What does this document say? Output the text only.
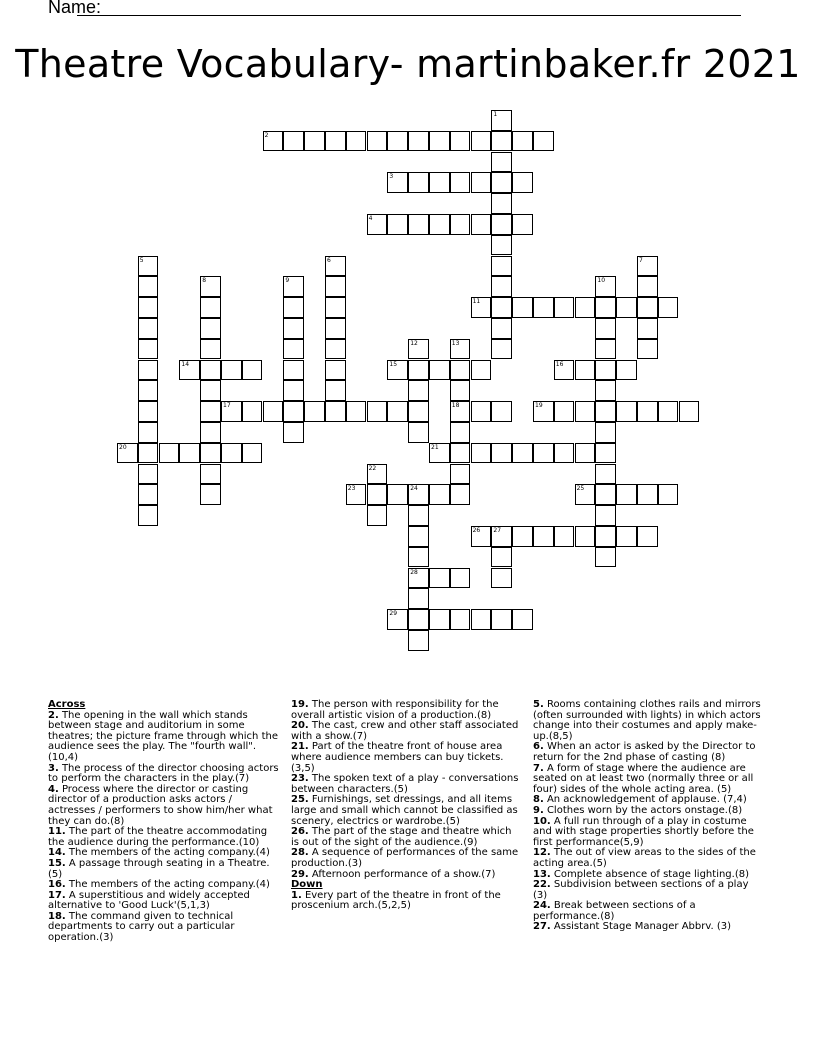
Name:
Theatre Vocabulary- martinbaker.fr 2021
1
2
3
4
5	6	7
8	9	10
11
12	13
18
14	15	16
17	19
20	21
22
23	24
28
25
26 27
29

Across

2. The opening in the wall which stands between stage and auditorium in some theatres; the picture frame through which the audience sees the play. The "fourth wall".(10,4)

3. The process of the director choosing actors to perform the characters in the play.(7)

4. Process where the director or casting director of a production asks actors / actresses / performers to show him/her what they can do.(8)

11. The part of the theatre accommodating the audience during the performance.(10)

14. The members of the acting company.(4)

15. A passage through seating in a Theatre. (5)

16. The members of the acting company.(4)

17. A superstitious and widely accepted alternative to 'Good Luck'(5,1,3)

18. The command given to technical departments to carry out a particular operation.(3)

19. The person with responsibility for the overall artistic vision of a production.(8)

20. The cast, crew and other staff associated with a show.(7)

21. Part of the theatre front of house area where audience members can buy tickets.(3,5)

23. The spoken text of a play - conversations between characters.(5)

25. Furnishings, set dressings, and all items large and small which cannot be classified as scenery, electrics or wardrobe.(5)

26. The part of the stage and theatre which is out of the sight of the audience.(9)

28. A sequence of performances of the same production.(3)

29. Afternoon performance of a show.(7)

Down

1. Every part of the theatre in front of the proscenium arch.(5,2,5)

5. Rooms containing clothes rails and mirrors (often surrounded with lights) in which actors change into their costumes and apply make-up.(8,5)

6. When an actor is asked by the Director to return for the 2nd phase of casting (8)

7. A form of stage where the audience are seated on at least two (normally three or all four) sides of the whole acting area. (5)

8. An acknowledgement of applause. (7,4)

9. Clothes worn by the actors onstage.(8)

10. A full run through of a play in costume and with stage properties shortly before the first performance(5,9)

12. The out of view areas to the sides of the acting area.(5)

13. Complete absence of stage lighting.(8)

22. Subdivision between sections of a play (3)

24. Break between sections of a performance.(8)

27. Assistant Stage Manager Abbrv. (3)
